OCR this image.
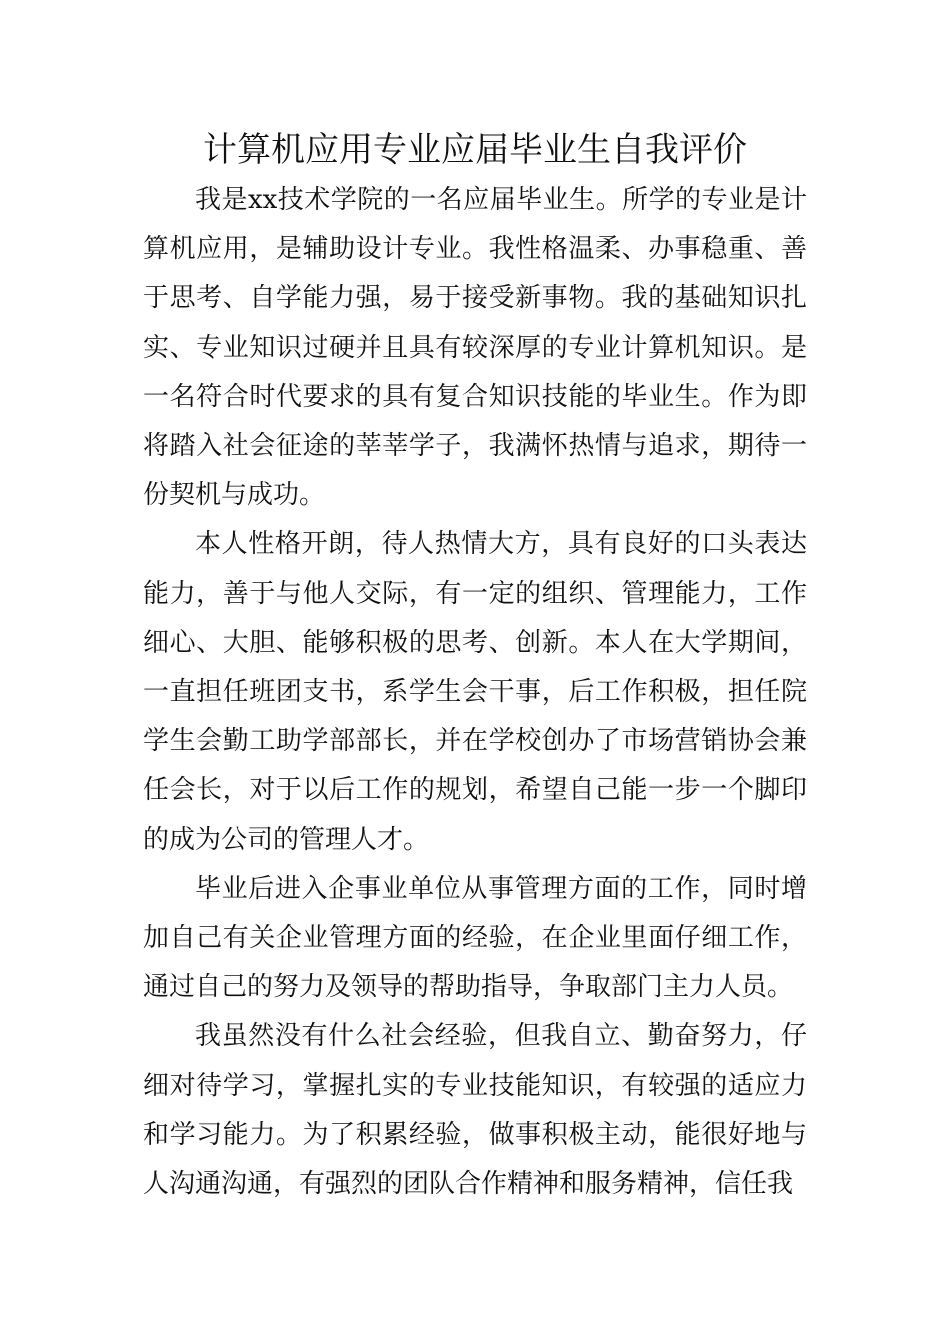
计算机应用专业应届毕业生自我评价

我是xx技术学院的一名应届毕业生。所学的专业是计算机应用，是辅助设计专业。我性格温柔、办事稳重、善于思考、自学能力强，易于接受新事物。我的基础知识扎实、专业知识过硬并且具有较深厚的专业计算机知识。是一名符合时代要求的具有复合知识技能的毕业生。作为即将踏入社会征途的莘莘学子，我满怀热情与追求，期待一份契机与成功。

本人性格开朗，待人热情大方，具有良好的口头表达能力，善于与他人交际，有一定的组织、管理能力，工作细心、大胆、能够积极的思考、创新。本人在大学期间，一直担任班团支书，系学生会干事，后工作积极，担任院学生会勤工助学部部长，并在学校创办了市场营销协会兼任会长，对于以后工作的规划，希望自己能一步一个脚印的成为公司的管理人才。

毕业后进入企事业单位从事管理方面的工作，同时增加自己有关企业管理方面的经验，在企业里面仔细工作，通过自己的努力及领导的帮助指导，争取部门主力人员。

我虽然没有什么社会经验，但我自立、勤奋努力，仔细对待学习，掌握扎实的专业技能知识，有较强的适应力和学习能力。为了积累经验，做事积极主动，能很好地与人沟通沟通，有强烈的团队合作精神和服务精神，信任我
